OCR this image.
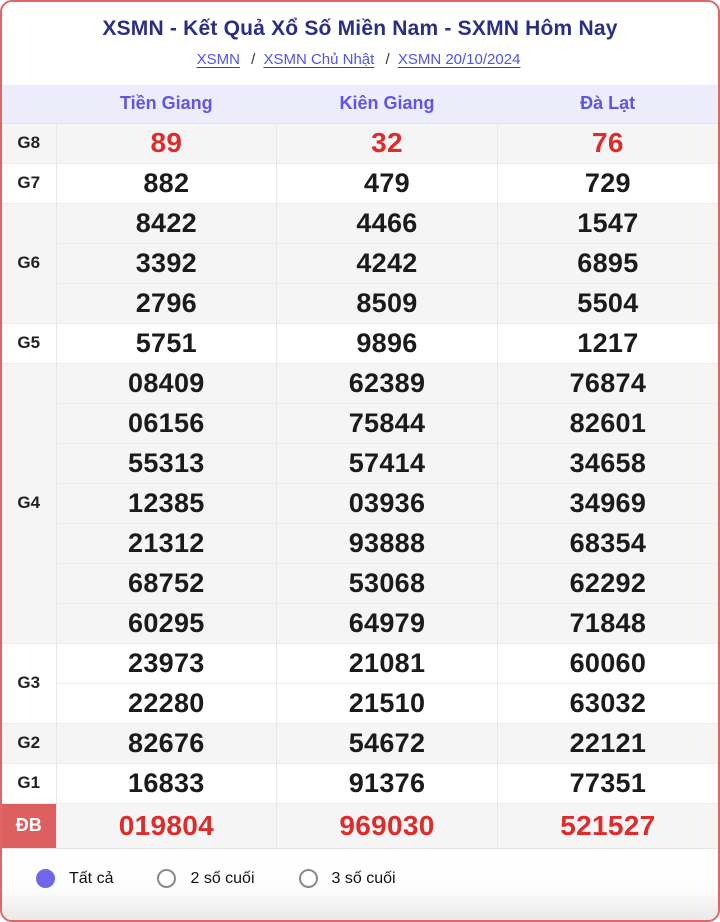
XSMN - Kết Quả Xổ Số Miền Nam - SXMN Hôm Nay
XSMN / XSMN Chủ Nhật / XSMN 20/10/2024
	Tiền Giang	Kiên Giang	Đà Lạt
G8	89	32	76
G7	882	479	729
G6	8422	4466	1547
	3392	4242	6895
	2796	8509	5504
G5	5751	9896	1217
G4	08409	62389	76874
	06156	75844	82601
	55313	57414	34658
	12385	03936	34969
	21312	93888	68354
	68752	53068	62292
	60295	64979	71848
G3	23973	21081	60060
	22280	21510	63032
G2	82676	54672	22121
G1	16833	91376	77351
ĐB	019804	969030	521527
Tất cả	2 số cuối	3 số cuối
